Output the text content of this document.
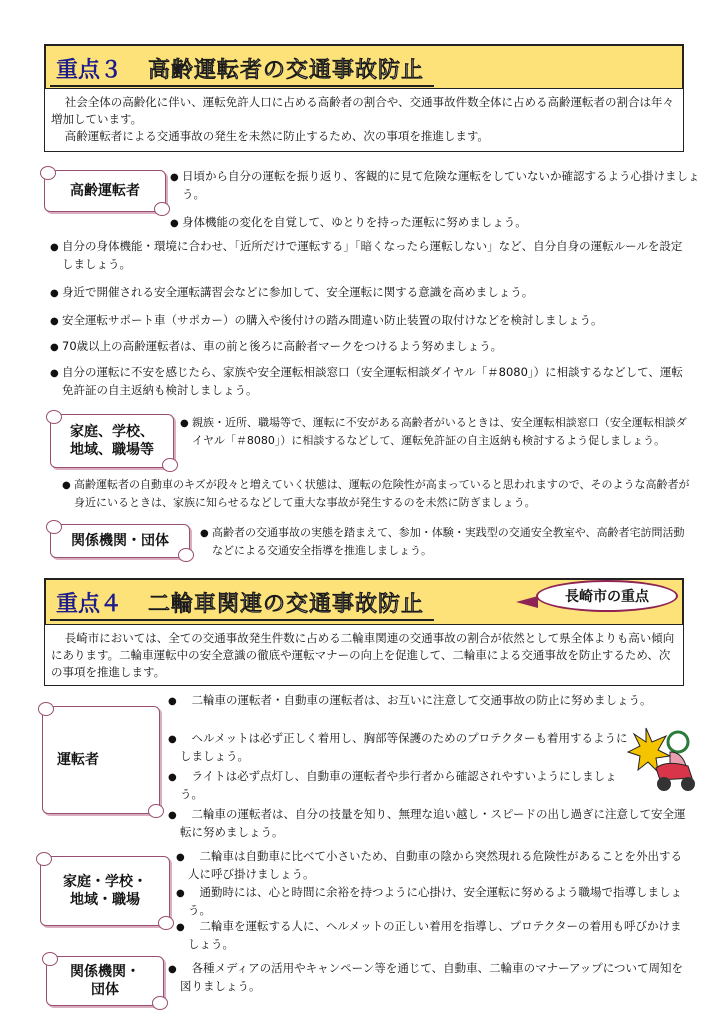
重点３ 高齢運転者の交通事故防止

社会全体の高齢化に伴い、運転免許人口に占める高齢者の割合や、交通事故件数全体に占める高齢運転者の割合は年々増加しています。

高齢運転者による交通事故の発生を未然に防止するため、次の事項を推進します。

高齢運転者
● 日頃から自分の運転を振り返り、客観的に見て危険な運転をしていないか確認するよう心掛けましょう。
● 身体機能の変化を自覚して、ゆとりを持った運転に努めましょう。
● 自分の身体機能・環境に合わせ、「近所だけで運転する」「暗くなったら運転しない」など、自分自身の運転ルールを設定しましょう。
● 身近で開催される安全運転講習会などに参加して、安全運転に関する意識を高めましょう。
● 安全運転サポート車（サポカー）の購入や後付けの踏み間違い防止装置の取付けなどを検討しましょう。
● 70歳以上の高齢運転者は、車の前と後ろに高齢者マークをつけるよう努めましょう。
● 自分の運転に不安を感じたら、家族や安全運転相談窓口（安全運転相談ダイヤル「＃8080」）に相談するなどして、運転免許証の自主返納も検討しましょう。
家庭、学校、
地域、職場等
● 親族・近所、職場等で、運転に不安がある高齢者がいるときは、安全運転相談窓口（安全運転相談ダイヤル「＃8080」）に相談するなどして、運転免許証の自主返納も検討するよう促しましょう。
● 高齢運転者の自動車のキズが段々と増えていく状態は、運転の危険性が高まっていると思われますので、そのような高齢者が身近にいるときは、家族に知らせるなどして重大な事故が発生するのを未然に防ぎましょう。
関係機関・団体
● 高齢者の交通事故の実態を踏まえて、参加・体験・実践型の交通安全教室や、高齢者宅訪問活動などによる交通安全指導を推進しましょう。
重点４ 二輪車関連の交通事故防止	長崎市の重点

長崎市においては、全ての交通事故発生件数に占める二輪車関連の交通事故の割合が依然として県全体よりも高い傾向にあります。二輪車運転中の安全意識の徹底や運転マナーの向上を促進して、二輪車による交通事故を防止するため、次の事項を推進します。

運転者
● 　二輪車の運転者・自動車の運転者は、お互いに注意して交通事故の防止に努めましょう。
● 　ヘルメットは必ず正しく着用し、胸部等保護のためのプロテクターも着用するようにしましょう。
● 　ライトは必ず点灯し、自動車の運転者や歩行者から確認されやすいようにしましょう。
● 　二輪車の運転者は、自分の技量を知り、無理な追い越し・スピードの出し過ぎに注意して安全運転に努めましょう。
家庭・学校・
地域・職場
● 　二輪車は自動車に比べて小さいため、自動車の陰から突然現れる危険性があることを外出する人に呼び掛けましょう。
● 　通勤時には、心と時間に余裕を持つように心掛け、安全運転に努めるよう職場で指導しましょう。
● 　二輪車を運転する人に、ヘルメットの正しい着用を指導し、プロテクターの着用も呼びかけましょう。
関係機関・
団体
● 　各種メディアの活用やキャンペーン等を通じて、自動車、二輪車のマナーアップについて周知を図りましょう。
